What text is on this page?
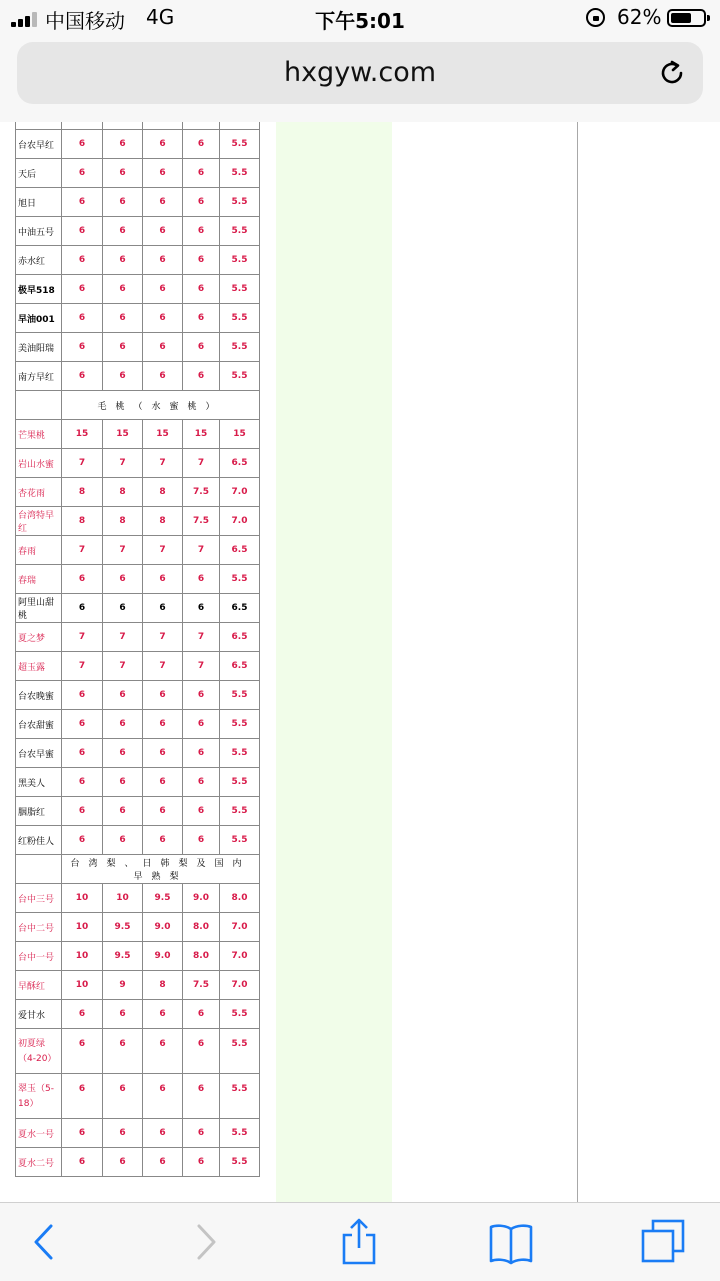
中国移动 4G	下午5:01	62%
hxgyw.com

台农早红	6	6	6	6	5.5
天后	6	6	6	6	5.5
旭日	6	6	6	6	5.5
中油五号	6	6	6	6	5.5
赤水红	6	6	6	6	5.5
极早518	6	6	6	6	5.5
早油001	6	6	6	6	5.5
美油阳瑞	6	6	6	6	5.5
南方早红	6	6	6	6	5.5
	毛桃（水蜜桃）				
芒果桃	15	15	15	15	15
岩山水蜜	7	7	7	7	6.5
杏花雨	8	8	8	7.5	7.0
台湾特早红	8	8	8	7.5	7.0
春雨	7	7	7	7	6.5
春瑞	6	6	6	6	5.5
阿里山甜桃	6	6	6	6	6.5
夏之梦	7	7	7	7	6.5
超玉露	7	7	7	7	6.5
台农晚蜜	6	6	6	6	5.5
台农甜蜜	6	6	6	6	5.5
台农早蜜	6	6	6	6	5.5
黑美人	6	6	6	6	5.5
胭脂红	6	6	6	6	5.5
红粉佳人	6	6	6	6	5.5
	台湾梨、日韩梨及国内早熟梨				
台中三号	10	10	9.5	9.0	8.0
台中二号	10	9.5	9.0	8.0	7.0
台中一号	10	9.5	9.0	8.0	7.0
早酥红	10	9	8	7.5	7.0
爱甘水	6	6	6	6	5.5
初夏绿（4-20）	6	6	6	6	5.5
翠玉（5-18）	6	6	6	6	5.5
夏水一号	6	6	6	6	5.5
夏水二号	6	6	6	6	5.5
